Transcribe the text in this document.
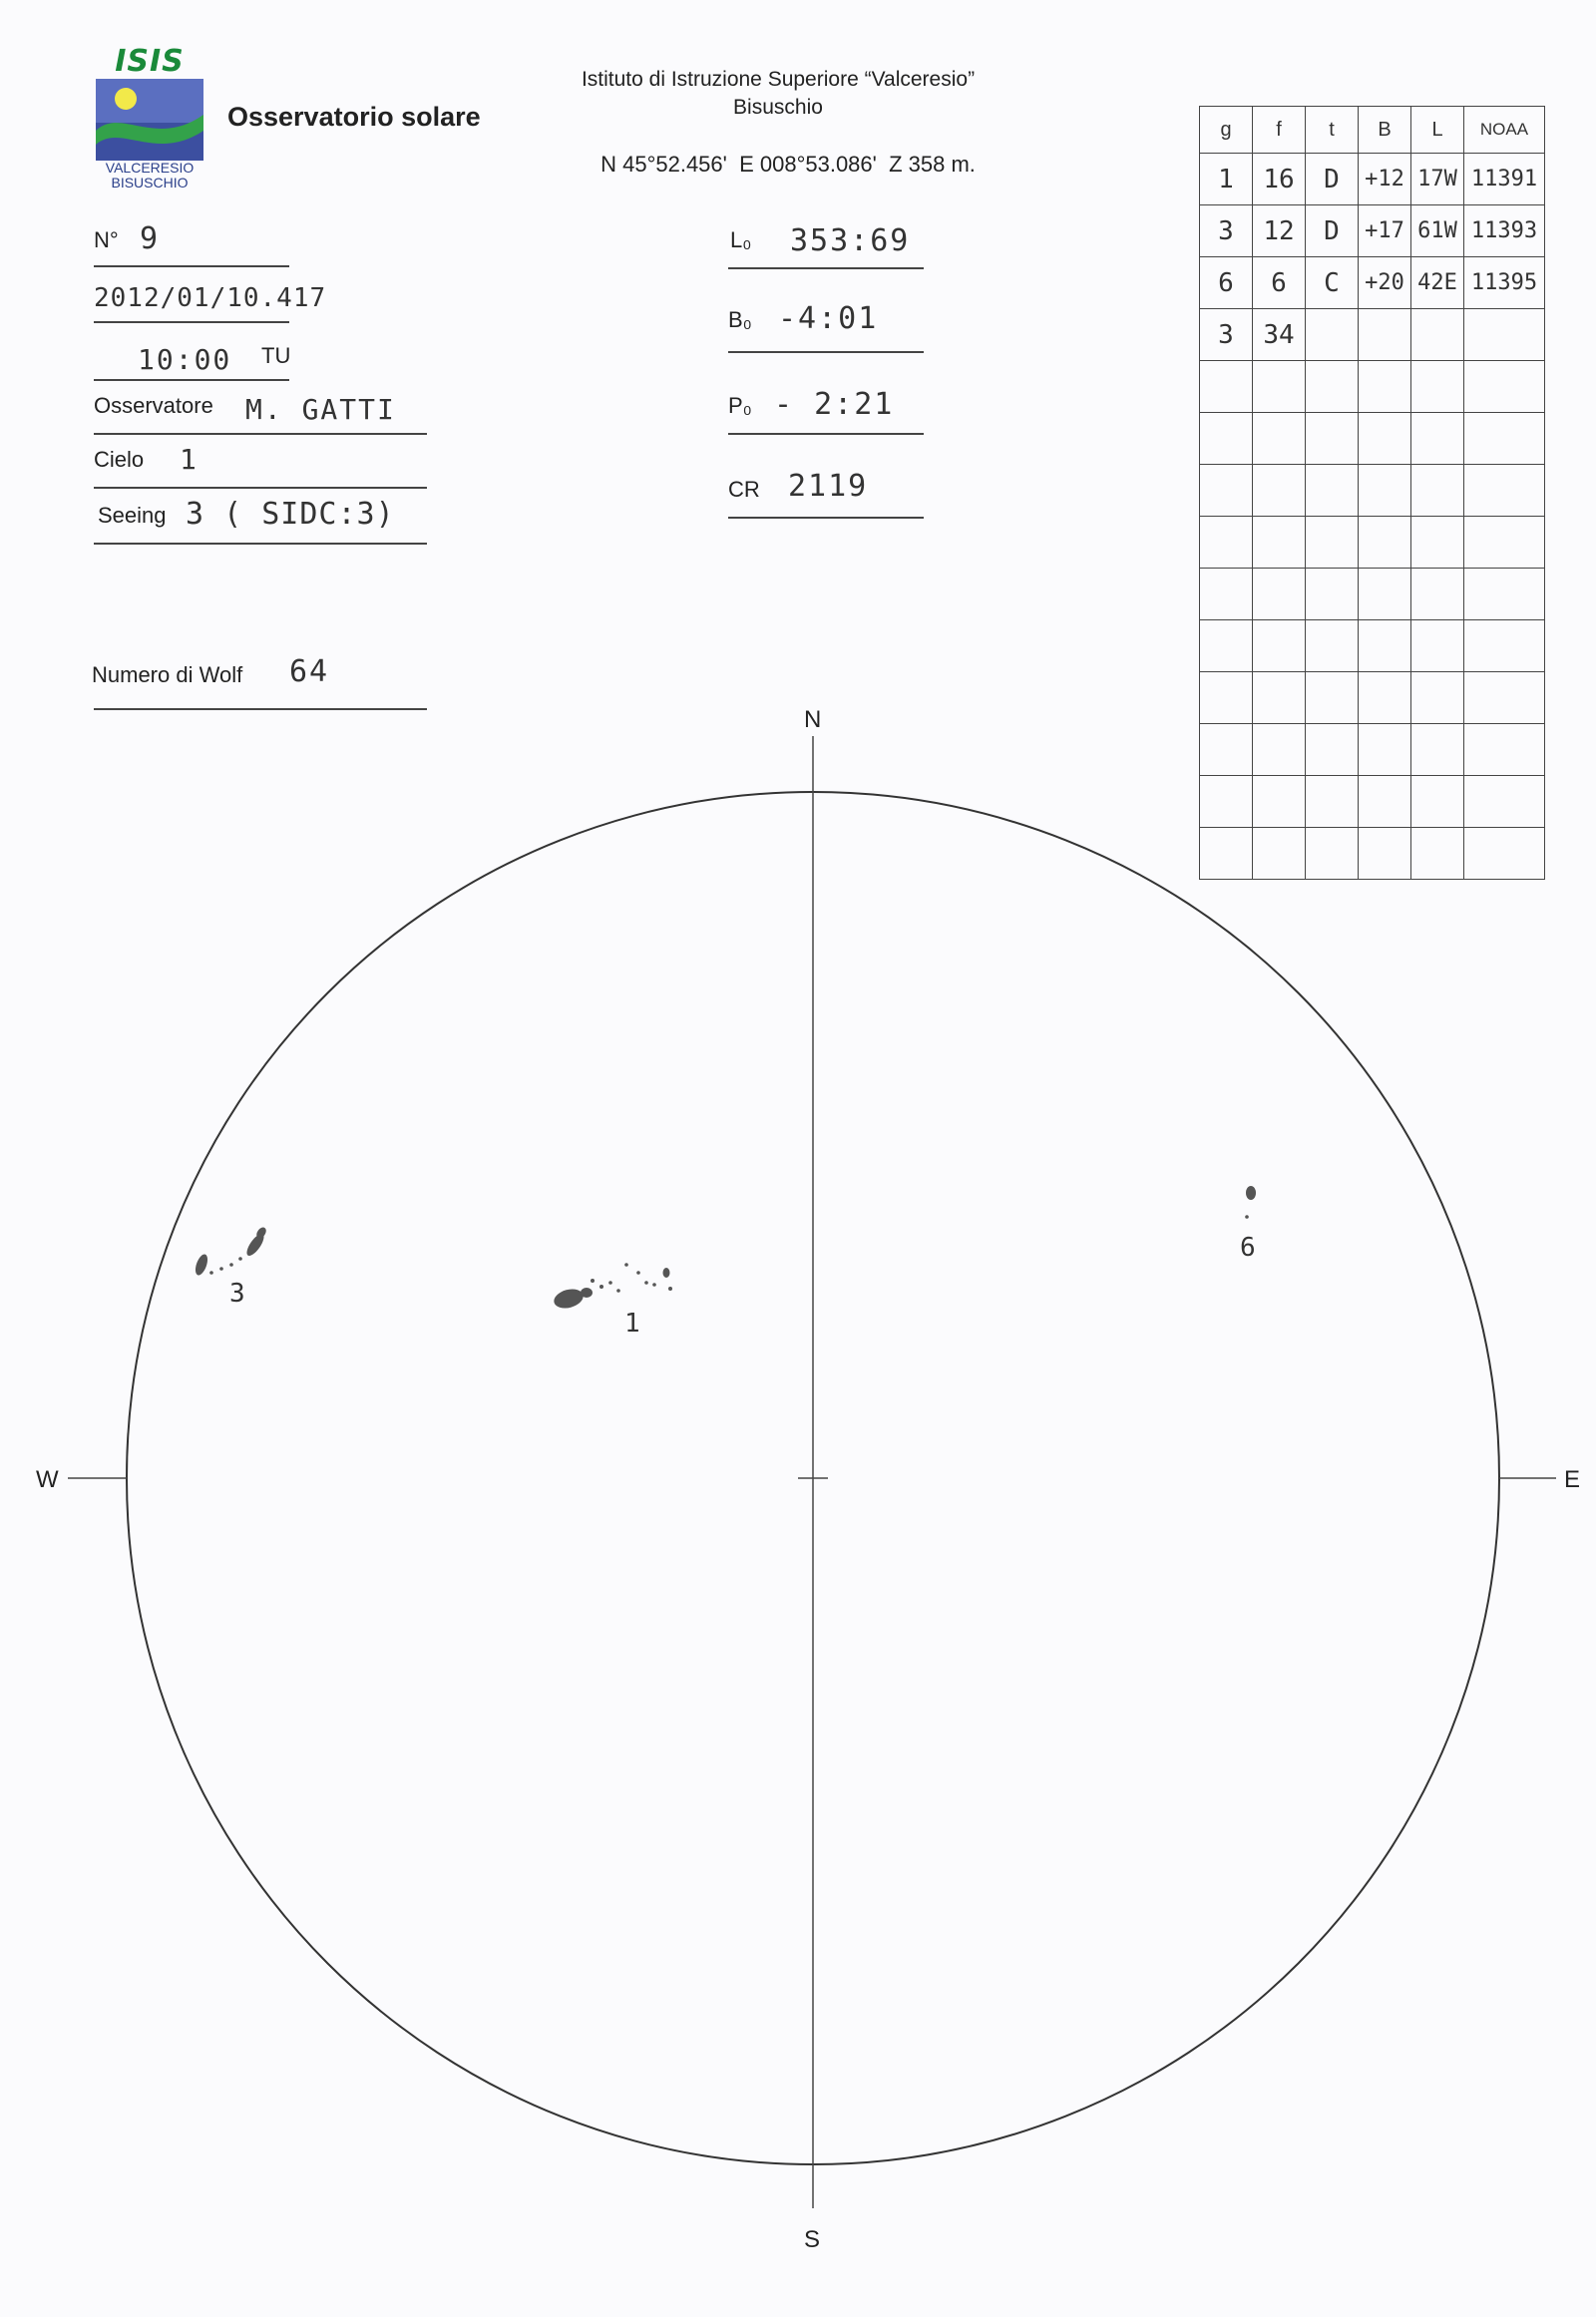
ISIS
VALCERESIO
BISUSCHIO
Osservatorio solare
Istituto di Istruzione Superiore “Valceresio”
Bisuschio
N 45°52.456'  E 008°53.086'  Z 358 m.
N° 9
2012/01/10.417
10:00 TU
Osservatore M. GATTI
Cielo 1
Seeing 3 ( SIDC:3)
Numero di Wolf 64
L₀ 353:69
B₀ -4:01
P₀ - 2:21
CR 2119
g	f	t	B	L	NOAA
1	16	D	+12	17W	11391
3	12	D	+17	61W	11393
6	6	C	+20	42E	11395
3	34				

N
S
W	E
3
1
6
